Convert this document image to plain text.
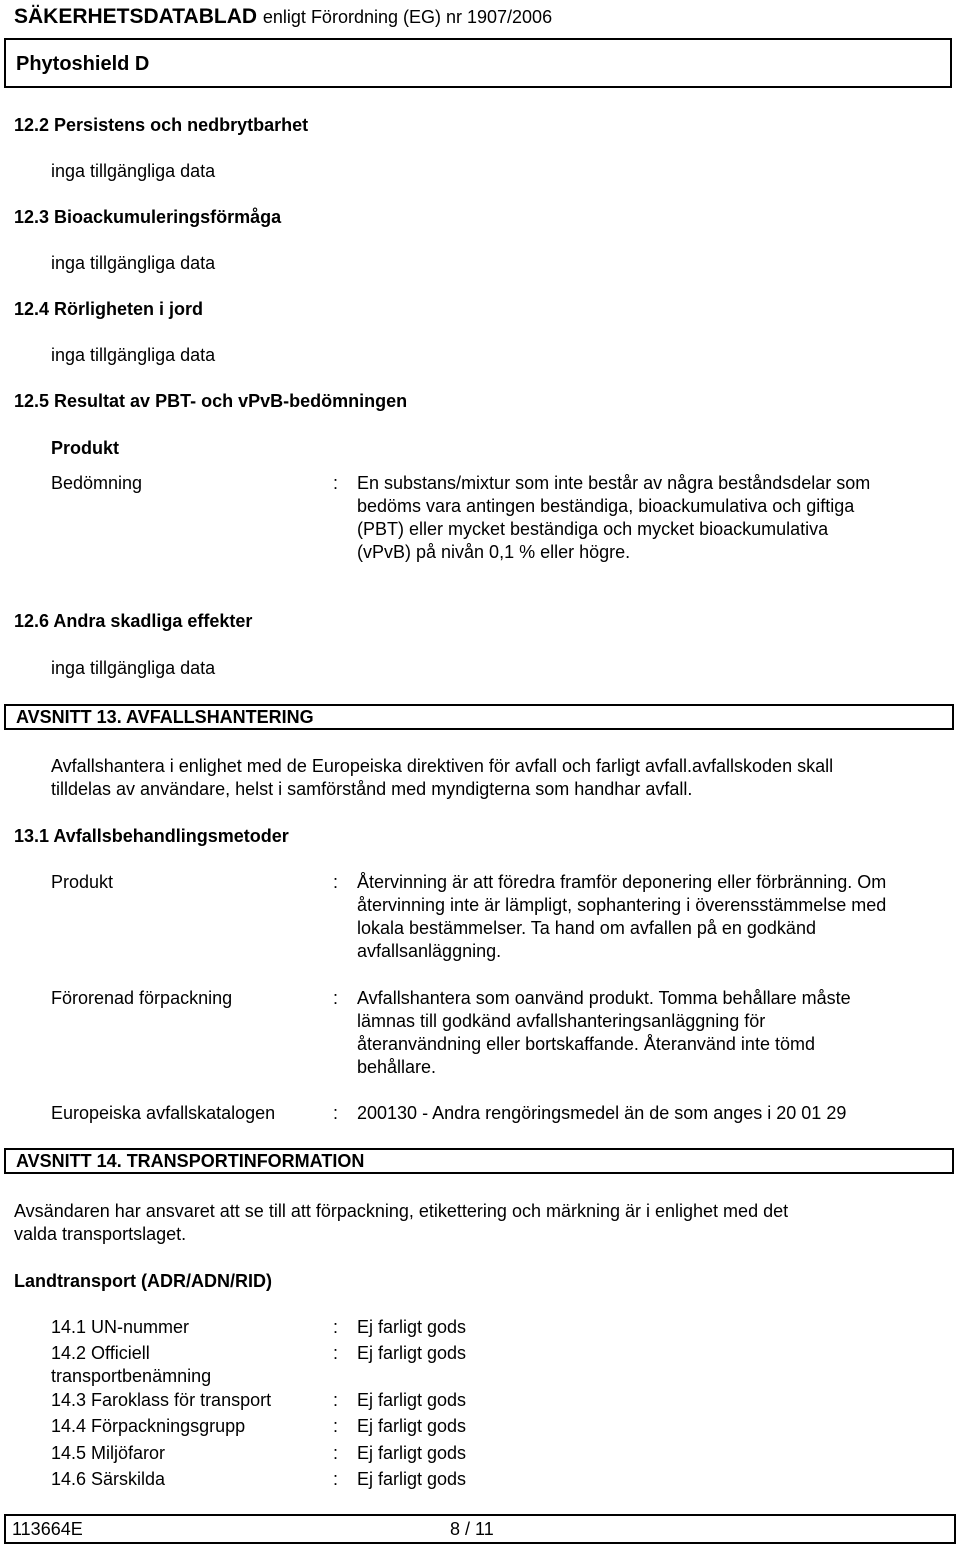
SÄKERHETSDATABLAD enligt Förordning (EG) nr 1907/2006
Phytoshield D
12.2 Persistens och nedbrytbarhet
inga tillgängliga data
12.3 Bioackumuleringsförmåga
inga tillgängliga data
12.4 Rörligheten i jord
inga tillgängliga data
12.5 Resultat av PBT- och vPvB-bedömningen
Produkt
Bedömning	: En substans/mixtur som inte består av några beståndsdelar som
bedöms vara antingen beständiga, bioackumulativa och giftiga
(PBT) eller mycket beständiga och mycket bioackumulativa
(vPvB) på nivån 0,1 % eller högre.
12.6 Andra skadliga effekter
inga tillgängliga data
AVSNITT 13. AVFALLSHANTERING
Avfallshantera i enlighet med de Europeiska direktiven för avfall och farligt avfall.avfallskoden skall
tilldelas av användare, helst i samförstånd med myndigterna som handhar avfall.
13.1 Avfallsbehandlingsmetoder
Produkt	: Återvinning är att föredra framför deponering eller förbränning. Om
återvinning inte är lämpligt, sophantering i överensstämmelse med
lokala bestämmelser. Ta hand om avfallen på en godkänd
avfallsanläggning.
Förorenad förpackning	: Avfallshantera som oanvänd produkt. Tomma behållare måste
lämnas till godkänd avfallshanteringsanläggning för
återanvändning eller bortskaffande. Återanvänd inte tömd
behållare.
Europeiska avfallskatalogen	: 200130 - Andra rengöringsmedel än de som anges i 20 01 29
AVSNITT 14. TRANSPORTINFORMATION
Avsändaren har ansvaret att se till att förpackning, etikettering och märkning är i enlighet med det
valda transportslaget.
Landtransport (ADR/ADN/RID)
14.1 UN-nummer	: Ej farligt gods
14.2 Officiell
transportbenämning
: Ej farligt gods
14.3 Faroklass för transport	: Ej farligt gods
14.4 Förpackningsgrupp	: Ej farligt gods
14.5 Miljöfaror	: Ej farligt gods
14.6 Särskilda	: Ej farligt gods
113664E	8 / 11
